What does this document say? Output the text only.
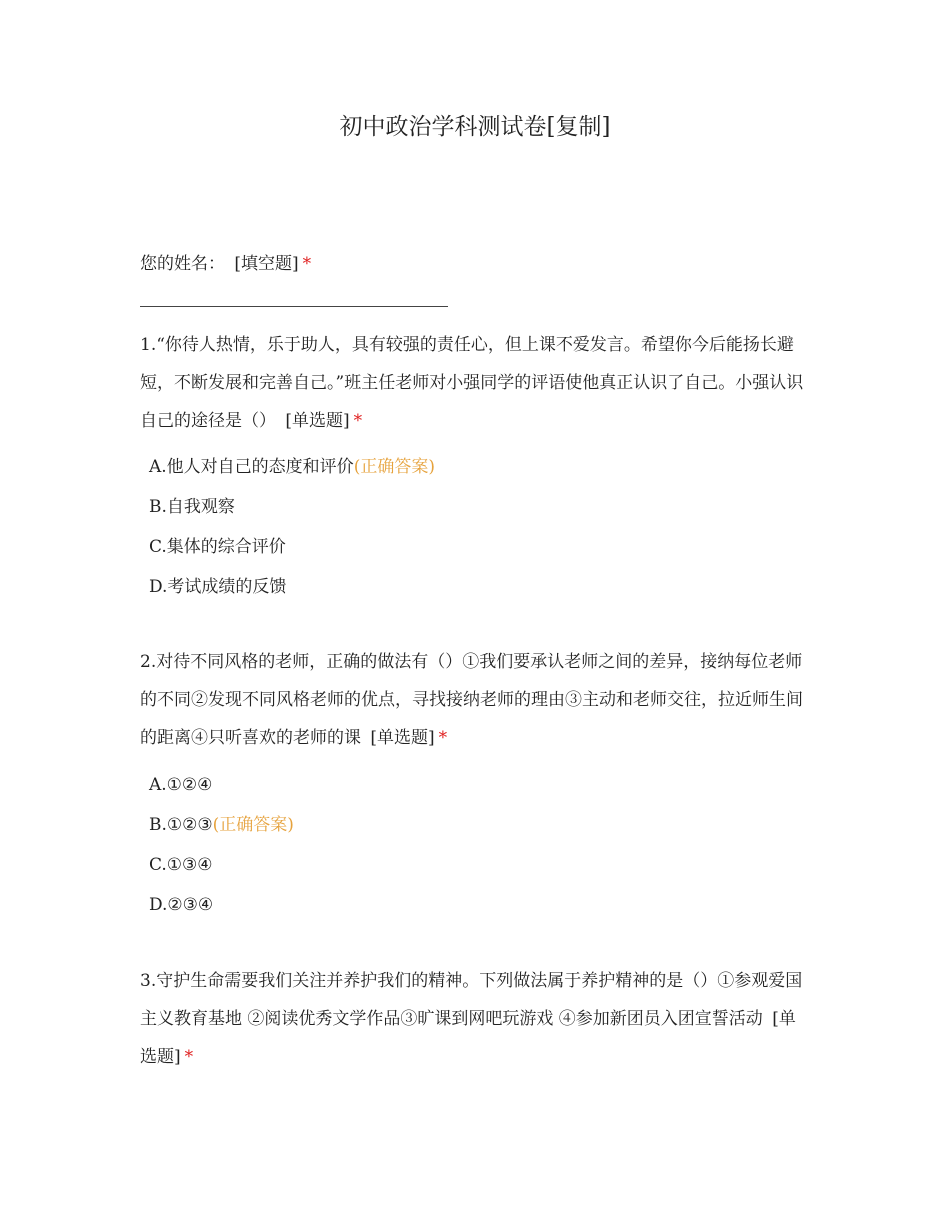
初中政治学科测试卷[复制]

您的姓名： [填空题] *

1.“你待人热情，乐于助人，具有较强的责任心，但上课不爱发言。希望你今后能扬长避短，不断发展和完善自己。”班主任老师对小强同学的评语使他真正认识了自己。小强认识自己的途径是（） [单选题] *

A.他人对自己的态度和评价(正确答案)
B.自我观察
C.集体的综合评价
D.考试成绩的反馈

2.对待不同风格的老师，正确的做法有（）①我们要承认老师之间的差异，接纳每位老师的不同②发现不同风格老师的优点，寻找接纳老师的理由③主动和老师交往，拉近师生间的距离④只听喜欢的老师的课 [单选题] *

A.①②④
B.①②③(正确答案)
C.①③④
D.②③④

3.守护生命需要我们关注并养护我们的精神。下列做法属于养护精神的是（）①参观爱国主义教育基地 ②阅读优秀文学作品③旷课到网吧玩游戏 ④参加新团员入团宣誓活动 [单选题] *
